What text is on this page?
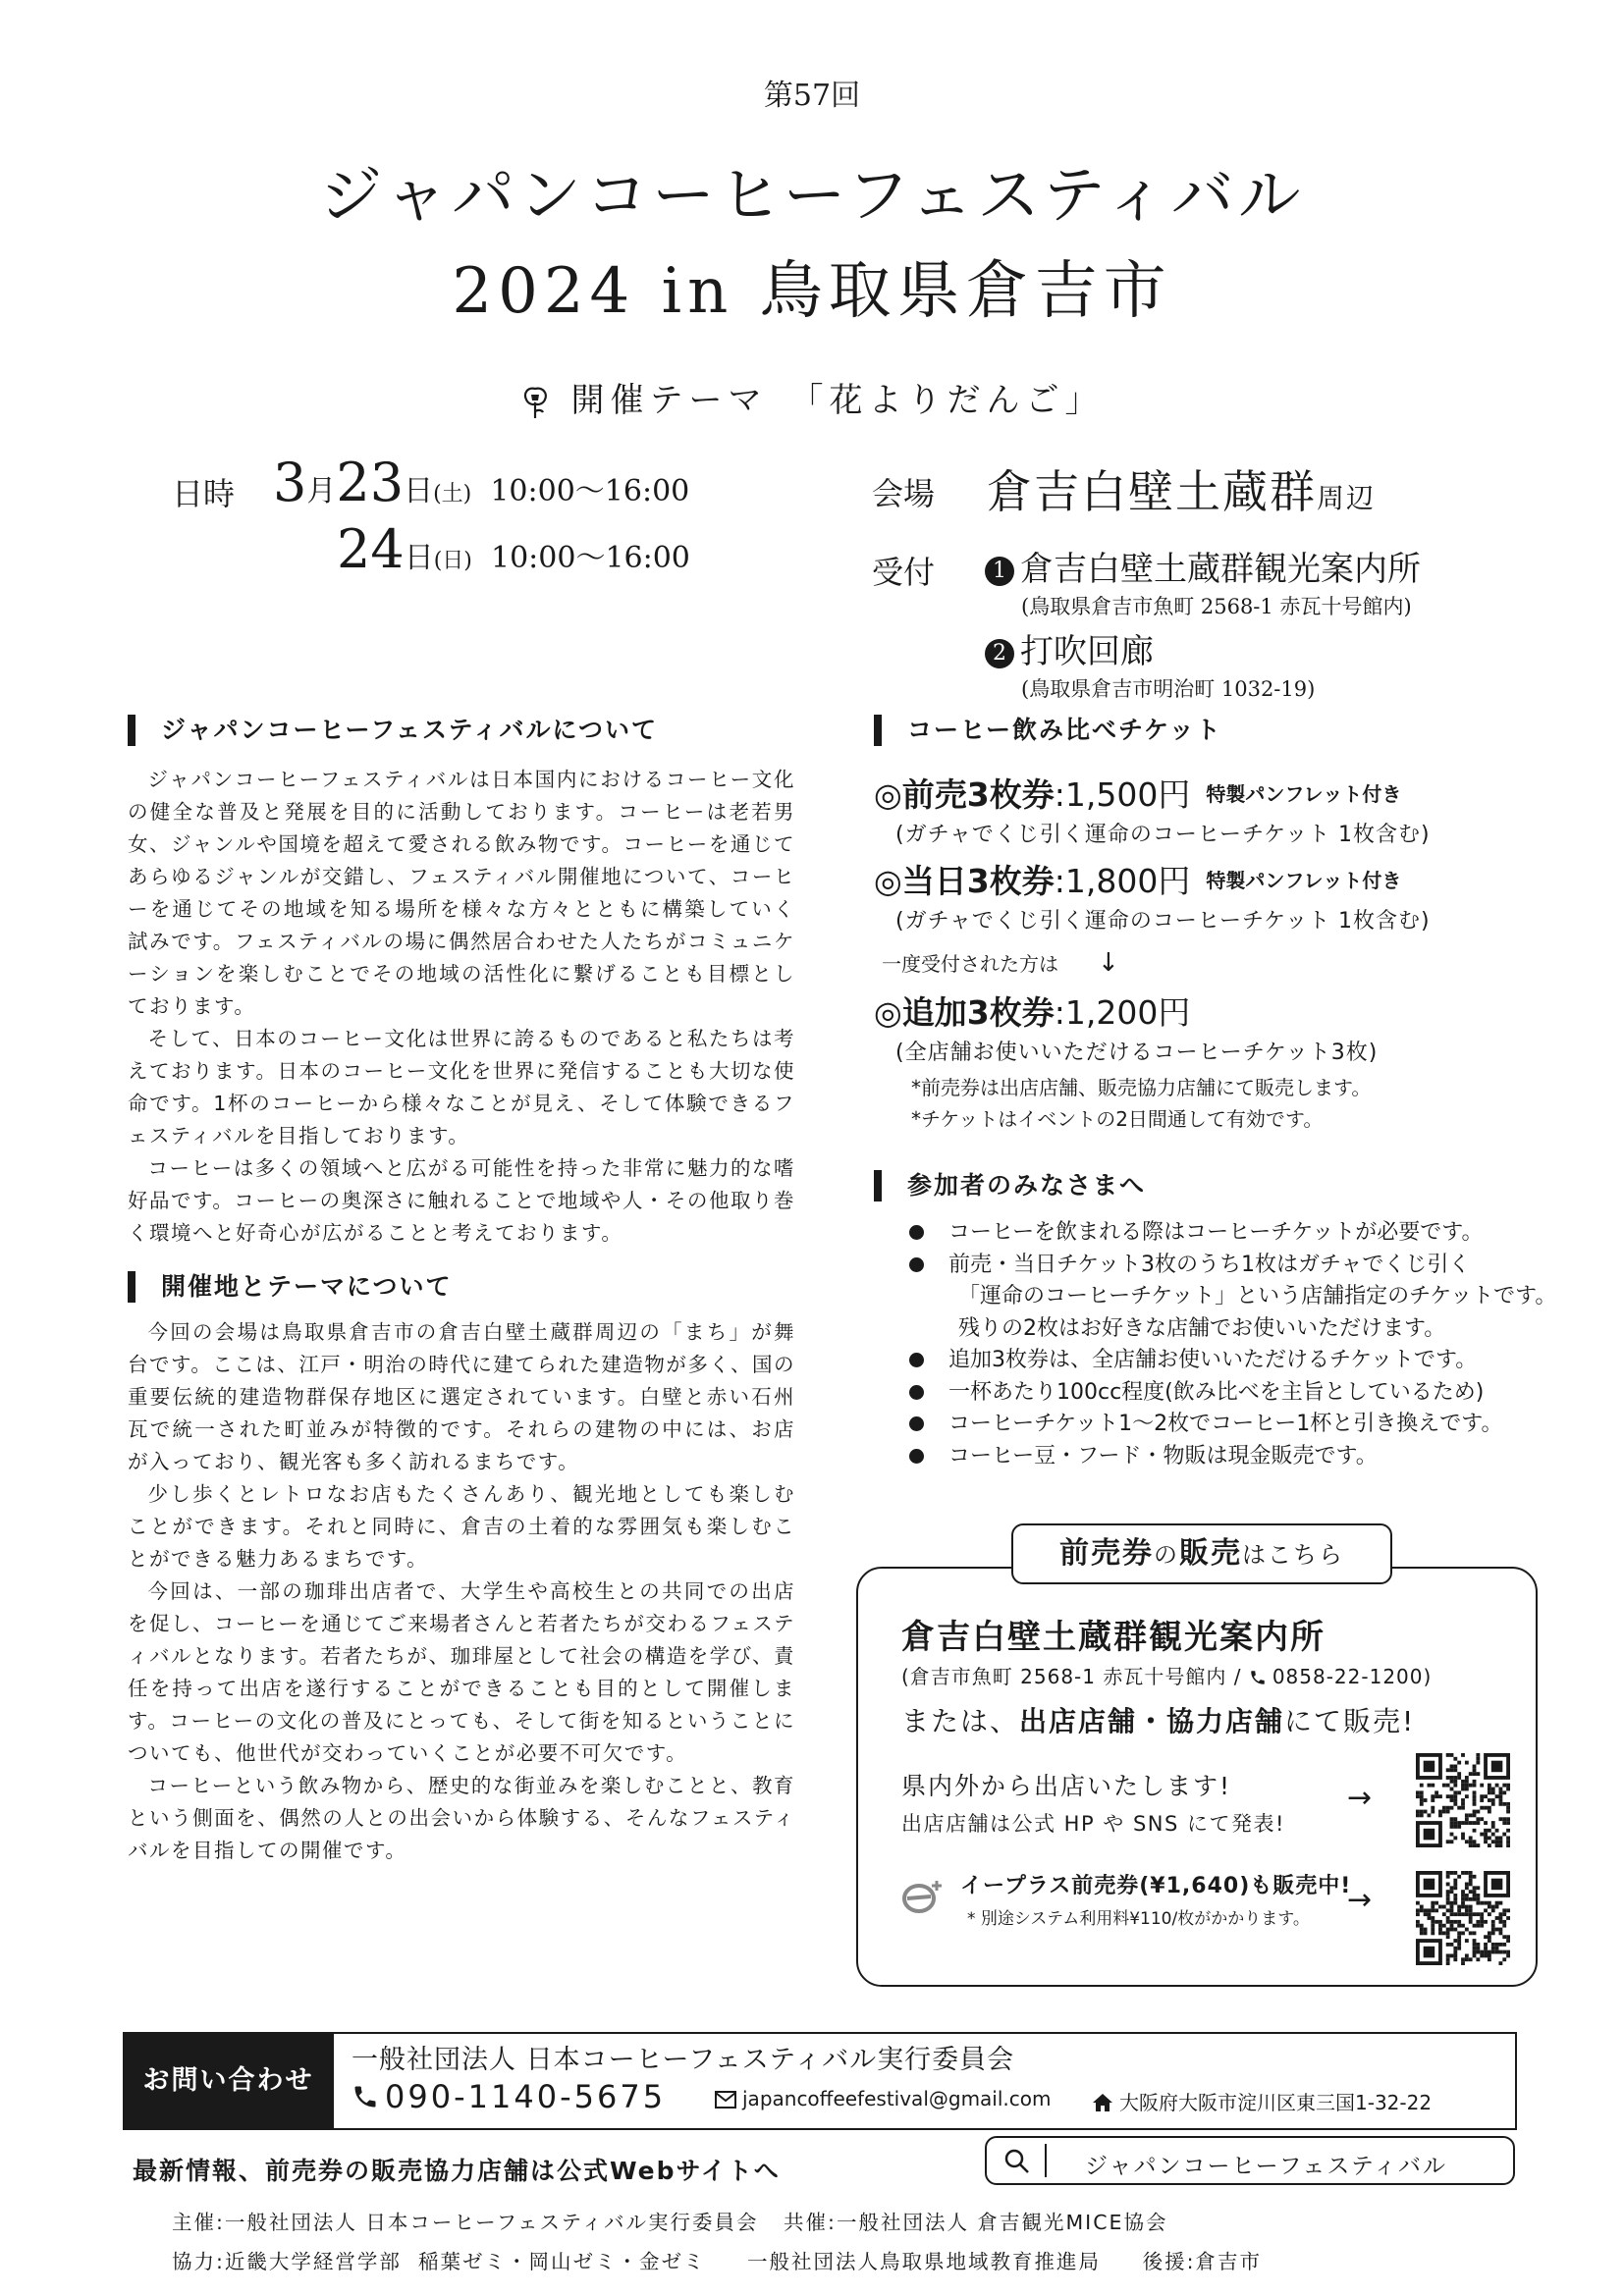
第57回
ジャパンコーヒーフェスティバル
2024 in 鳥取県倉吉市
開催テーマ　 「花よりだんご」
日時 3月23日(土) 10:00〜16:00
24日(日) 10:00〜16:00
会場 倉吉白壁土蔵群周辺
受付	1 倉吉白壁土蔵群観光案内所
(鳥取県倉吉市魚町 2568-1 赤瓦十号館内)
2 打吹回廊
(鳥取県倉吉市明治町 1032-19)
ジャパンコーヒーフェスティバルについて

ジャパンコーヒーフェスティバルは日本国内におけるコーヒー文化の健全な普及と発展を目的に活動しております。コーヒーは老若男女、ジャンルや国境を超えて愛される飲み物です。コーヒーを通じてあらゆるジャンルが交錯し、フェスティバル開催地について、コーヒーを通じてその地域を知る場所を様々な方々とともに構築していく試みです。フェスティバルの場に偶然居合わせた人たちがコミュニケーションを楽しむことでその地域の活性化に繋げることも目標としております。

そして、日本のコーヒー文化は世界に誇るものであると私たちは考えております。日本のコーヒー文化を世界に発信することも大切な使命です。1杯のコーヒーから様々なことが見え、そして体験できるフェスティバルを目指しております。

コーヒーは多くの領域へと広がる可能性を持った非常に魅力的な嗜好品です。コーヒーの奥深さに触れることで地域や人・その他取り巻く環境へと好奇心が広がることと考えております。

開催地とテーマについて

今回の会場は鳥取県倉吉市の倉吉白壁土蔵群周辺の「まち」が舞台です。ここは、江戸・明治の時代に建てられた建造物が多く、国の重要伝統的建造物群保存地区に選定されています。白壁と赤い石州瓦で統一された町並みが特徴的です。それらの建物の中には、お店が入っており、観光客も多く訪れるまちです。

少し歩くとレトロなお店もたくさんあり、観光地としても楽しむことができます。それと同時に、倉吉の土着的な雰囲気も楽しむことができる魅力あるまちです。

今回は、一部の珈琲出店者で、大学生や高校生との共同での出店を促し、コーヒーを通じてご来場者さんと若者たちが交わるフェスティバルとなります。若者たちが、珈琲屋として社会の構造を学び、責任を持って出店を遂行することができることも目的として開催します。コーヒーの文化の普及にとっても、そして街を知るということについても、他世代が交わっていくことが必要不可欠です。

コーヒーという飲み物から、歴史的な街並みを楽しむことと、教育という側面を、偶然の人との出会いから体験する、そんなフェスティバルを目指しての開催です。

コーヒー飲み比べチケット
◎前売3枚券:1,500円 特製パンフレット付き
(ガチャでくじ引く運命のコーヒーチケット 1枚含む)
◎当日3枚券:1,800円 特製パンフレット付き
(ガチャでくじ引く運命のコーヒーチケット 1枚含む)
一度受付された方は ↓
◎追加3枚券:1,200円
(全店舗お使いいただけるコーヒーチケット3枚)
*前売券は出店店舗、販売協力店舗にて販売します。
*チケットはイベントの2日間通して有効です。
参加者のみなさまへ
コーヒーを飲まれる際はコーヒーチケットが必要です。
前売・当日チケット3枚のうち1枚はガチャでくじ引く
「運命のコーヒーチケット」という店舗指定のチケットです。
残りの2枚はお好きな店舗でお使いいただけます。
追加3枚券は、全店舗お使いいただけるチケットです。
一杯あたり100cc程度(飲み比べを主旨としているため)
コーヒーチケット1〜2枚でコーヒー1杯と引き換えです。
コーヒー豆・フード・物販は現金販売です。
前売券の販売はこちら
倉吉白壁土蔵群観光案内所
(倉吉市魚町 2568-1 赤瓦十号館内 / 0858-22-1200)
または、出店店舗・協力店舗にて販売!
県内外から出店いたします!
出店店舗は公式 HP や SNS にて発表!
→
イープラス前売券(¥1,640)も販売中!
* 別途システム利用料¥110/枚がかかります。
→
お問い合わせ
一般社団法人 日本コーヒーフェスティバル実行委員会
090-1140-5675	japancoffeefestival@gmail.com	大阪府大阪市淀川区東三国1-32-22
最新情報、前売券の販売協力店舗は公式Webサイトへ	ジャパンコーヒーフェスティバル
主催:一般社団法人 日本コーヒーフェスティバル実行委員会   共催:一般社団法人 倉吉観光MICE協会
協力:近畿大学経営学部  稲葉ゼミ・岡山ゼミ・金ゼミ     一般社団法人鳥取県地域教育推進局     後援:倉吉市
